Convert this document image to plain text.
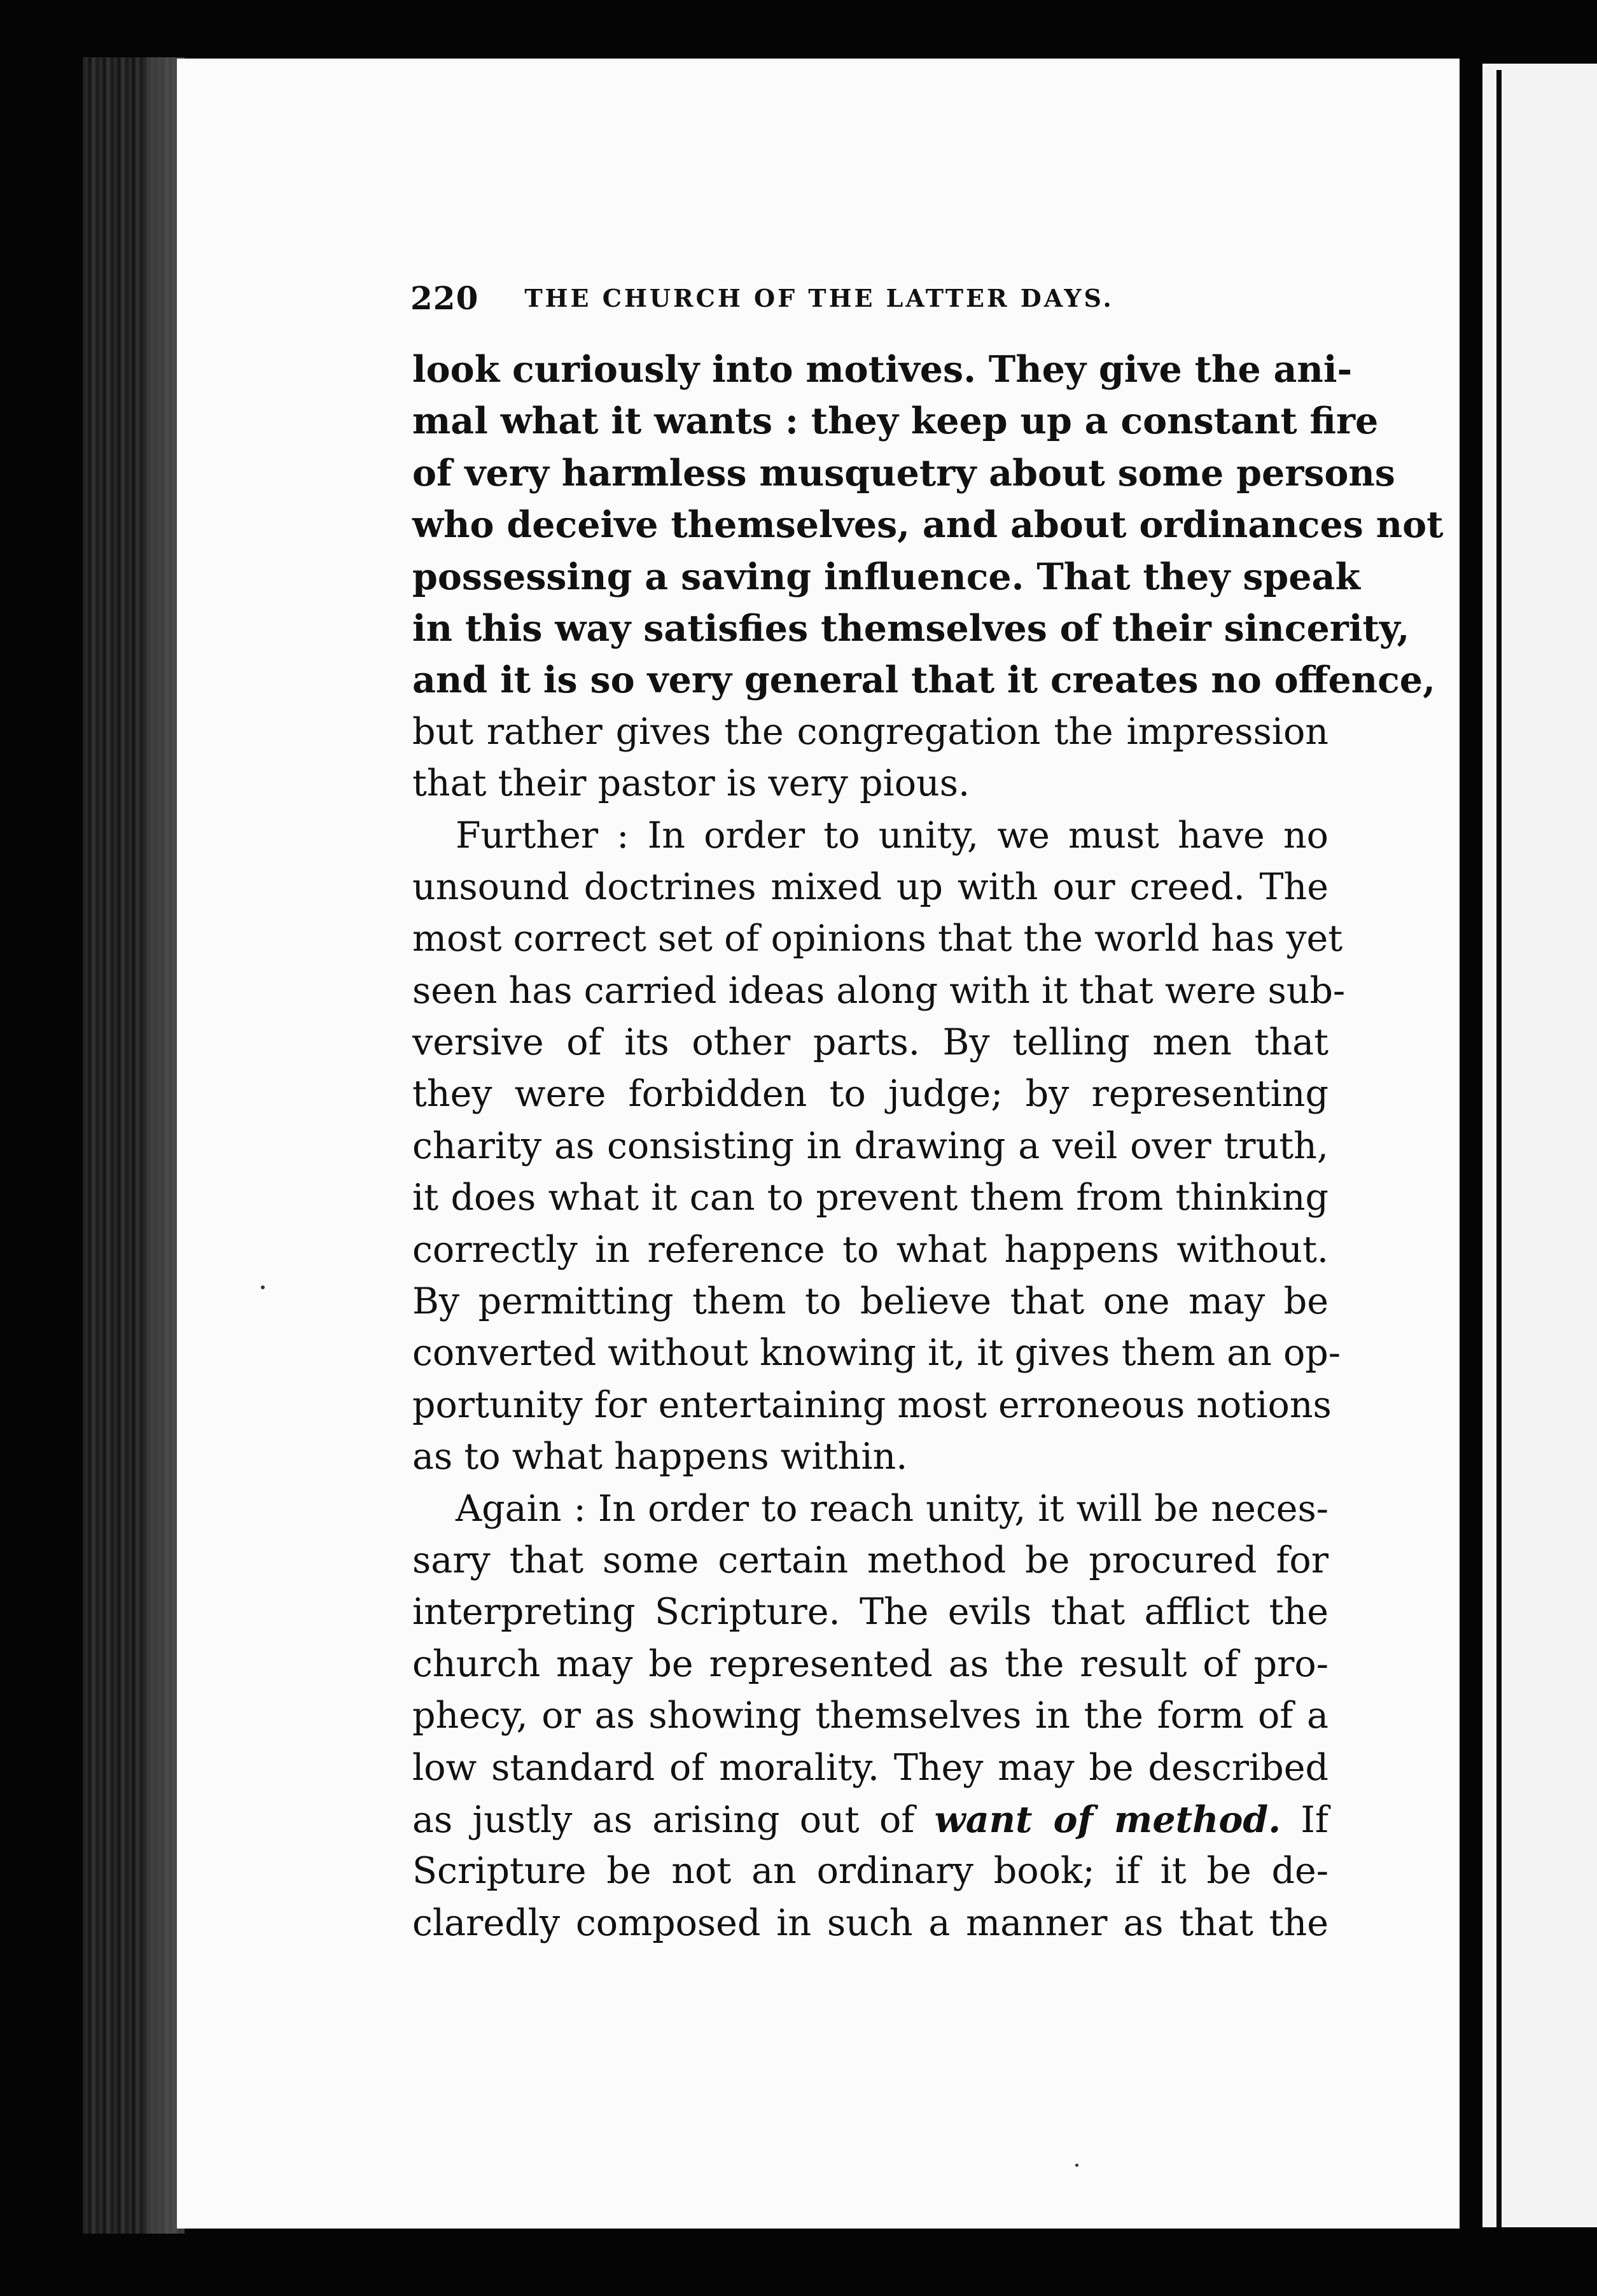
220 THE CHURCH OF THE LATTER DAYS.
look curiously into motives. They give the ani-
mal what it wants : they keep up a constant fire
of very harmless musquetry about some persons
who deceive themselves, and about ordinances not
possessing a saving influence. That they speak
in this way satisfies themselves of their sincerity,
and it is so very general that it creates no offence,
but rather gives the congregation the impression
that their pastor is very pious.
Further : In order to unity, we must have no
unsound doctrines mixed up with our creed. The
most correct set of opinions that the world has yet
seen has carried ideas along with it that were sub-
versive of its other parts. By telling men that
they were forbidden to judge; by representing
charity as consisting in drawing a veil over truth,
it does what it can to prevent them from thinking
correctly in reference to what happens without.
By permitting them to believe that one may be
converted without knowing it, it gives them an op-
portunity for entertaining most erroneous notions
as to what happens within.
Again : In order to reach unity, it will be neces-
sary that some certain method be procured for
interpreting Scripture. The evils that afflict the
church may be represented as the result of pro-
phecy, or as showing themselves in the form of a
low standard of morality. They may be described
as justly as arising out of want of method. If
Scripture be not an ordinary book; if it be de-
claredly composed in such a manner as that the
